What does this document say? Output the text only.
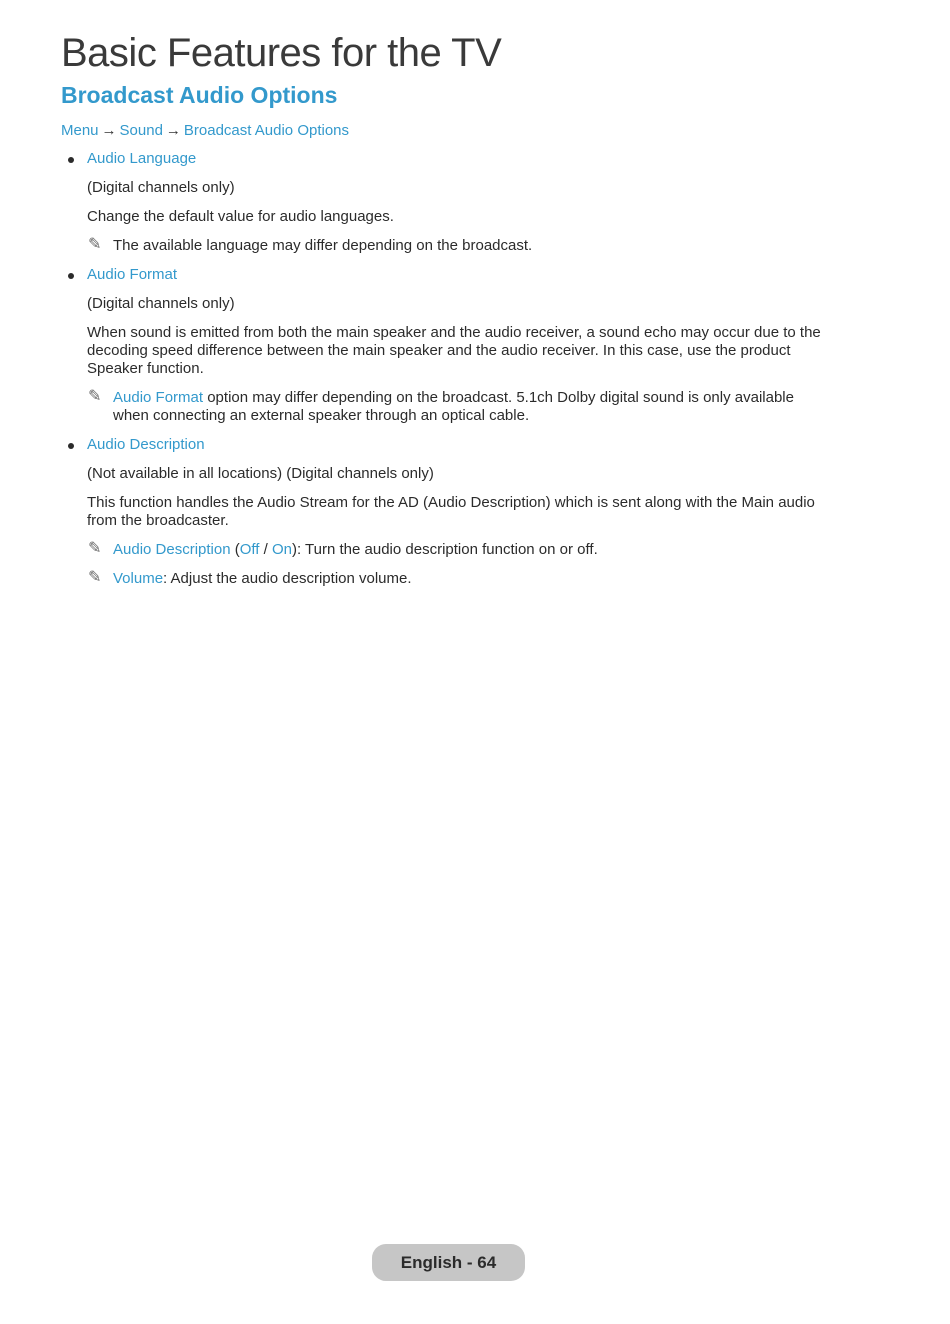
Basic Features for the TV
Broadcast Audio Options
Menu → Sound → Broadcast Audio Options

Audio Language

(Digital channels only)

Change the default value for audio languages.

✎ The available language may differ depending on the broadcast.

Audio Format

(Digital channels only)

When sound is emitted from both the main speaker and the audio receiver, a sound echo may occur due to the decoding speed difference between the main speaker and the audio receiver. In this case, use the product Speaker function.

✎ Audio Format option may differ depending on the broadcast. 5.1ch Dolby digital sound is only available when connecting an external speaker through an optical cable.

Audio Description

(Not available in all locations) (Digital channels only)

This function handles the Audio Stream for the AD (Audio Description) which is sent along with the Main audio from the broadcaster.

✎ Audio Description (Off / On): Turn the audio description function on or off.
✎ Volume: Adjust the audio description volume.
English - 64
